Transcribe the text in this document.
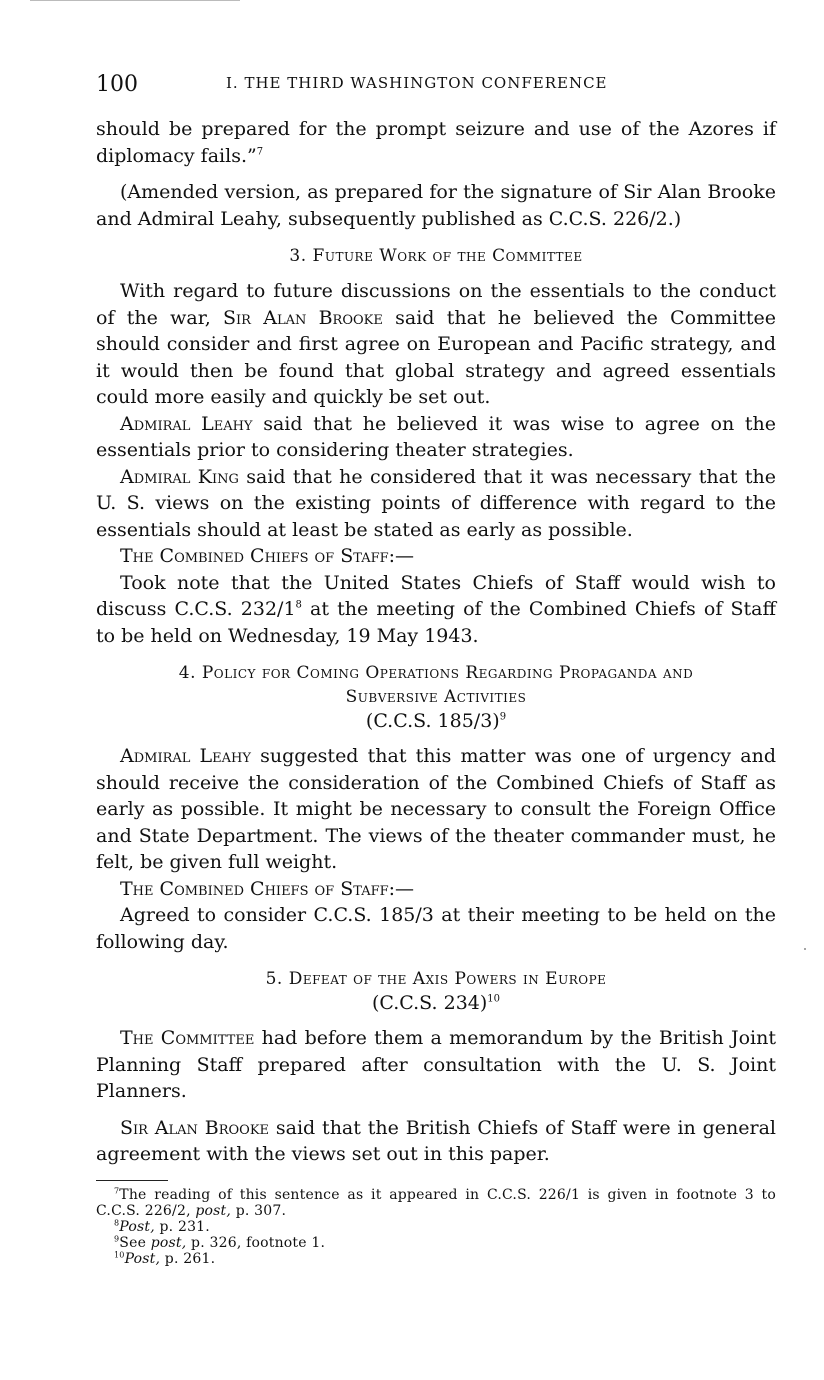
100	I. THE THIRD WASHINGTON CONFERENCE

should be prepared for the prompt seizure and use of the Azores if diplomacy fails.”$^7$

(Amended version, as prepared for the signature of Sir Alan Brooke and Admiral Leahy, subsequently published as C.C.S. 226/2.)

3. Future Work of the Committee

With regard to future discussions on the essentials to the conduct of the war, Sir Alan Brooke said that he believed the Committee should consider and first agree on European and Pacific strategy, and it would then be found that global strategy and agreed essentials could more easily and quickly be set out.

Admiral Leahy said that he believed it was wise to agree on the essentials prior to considering theater strategies.

Admiral King said that he considered that it was necessary that the U. S. views on the existing points of difference with regard to the essentials should at least be stated as early as possible.

The Combined Chiefs of Staff:—

Took note that the United States Chiefs of Staff would wish to discuss C.C.S. $232/1^8$ at the meeting of the Combined Chiefs of Staff to be held on Wednesday, 19 May 1943.

4. Policy for Coming Operations Regarding Propaganda and
Subversive Activities
(C.C.S. 185/3)$^9$

Admiral Leahy suggested that this matter was one of urgency and should receive the consideration of the Combined Chiefs of Staff as early as possible. It might be necessary to consult the Foreign Office and State Department. The views of the theater commander must, he felt, be given full weight.

The Combined Chiefs of Staff:—

Agreed to consider C.C.S. 185/3 at their meeting to be held on the following day.

5. Defeat of the Axis Powers in Europe
(C.C.S. 234)$^{10}$

The Committee had before them a memorandum by the British Joint Planning Staff prepared after consultation with the U. S. Joint Planners.

Sir Alan Brooke said that the British Chiefs of Staff were in general agreement with the views set out in this paper.

$^7$The reading of this sentence as it appeared in C.C.S. 226/1 is given in footnote 3 to C.C.S. 226/2, post, p. 307.

$^8$Post, p. 231.

$^9$See post, p. 326, footnote 1.

$^{10}$Post, p. 261.
